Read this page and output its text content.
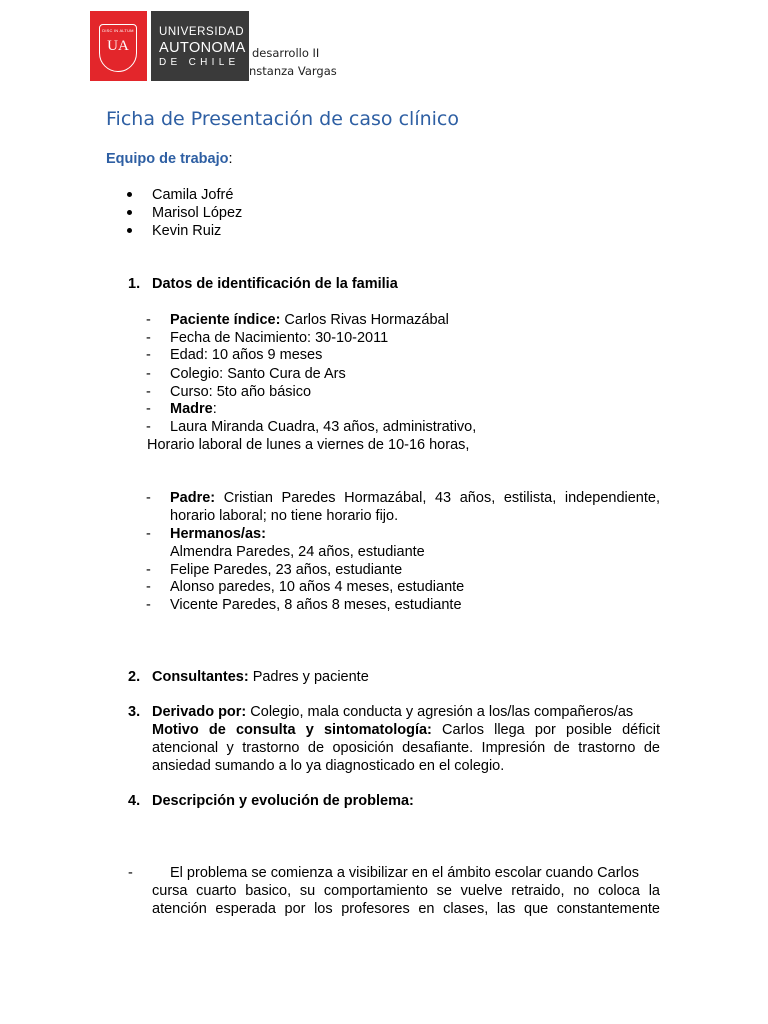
DISC IN ALTUM
UA
UNIVERSIDAD
AUTONOMA
DE CHILE
desarrollo II
nstanza Vargas
Ficha de Presentación de caso clínico
Equipo de trabajo:
Camila Jofré
Marisol López
Kevin Ruiz
1. Datos de identificación de la familia
- Paciente índice: Carlos Rivas Hormazábal
- Fecha de Nacimiento: 30-10-2011
- Edad: 10 años 9 meses
- Colegio: Santo Cura de Ars
- Curso: 5to año básico
- Madre:
- Laura Miranda Cuadra, 43 años, administrativo,
Horario laboral de lunes a viernes de 10-16 horas,
- Padre: Cristian Paredes Hormazábal, 43 años, estilista, independiente, horario laboral; no tiene horario fijo.
- Hermanos/as:
Almendra Paredes, 24 años, estudiante
- Felipe Paredes, 23 años, estudiante
- Alonso paredes, 10 años 4 meses, estudiante
- Vicente Paredes, 8 años 8 meses, estudiante
2. Consultantes: Padres y paciente
3. Derivado por: Colegio, mala conducta y agresión a los/las compañeros/as
Motivo de consulta y sintomatología: Carlos llega por posible déficit atencional y trastorno de oposición desafiante. Impresión de trastorno de ansiedad sumando a lo ya diagnosticado en el colegio.
4. Descripción y evolución de problema:
-	El problema se comienza a visibilizar en el ámbito escolar cuando Carlos
cursa cuarto basico, su comportamiento se vuelve retraido, no coloca la
atención esperada por los profesores en clases, las que constantemente
